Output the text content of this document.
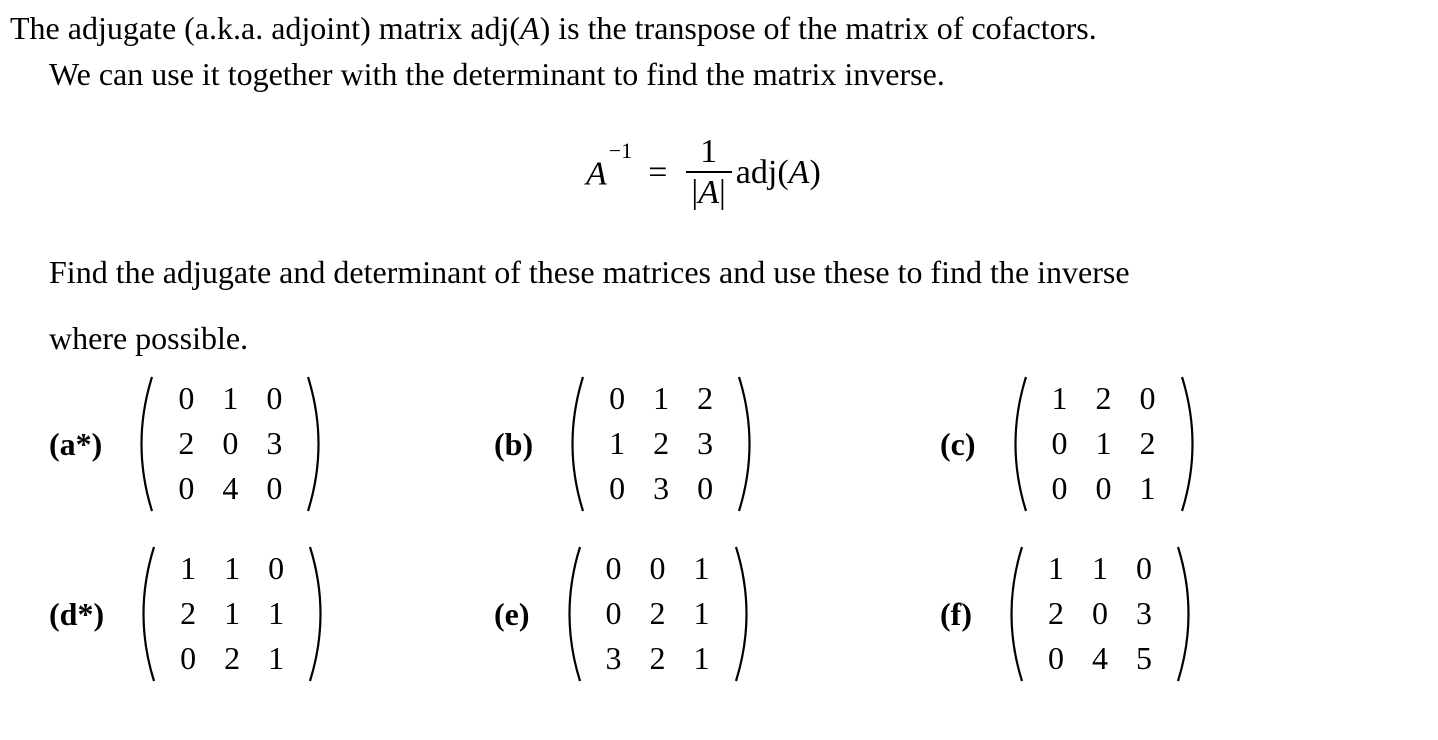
The adjugate (a.k.a. adjoint) matrix adj(A) is the transpose of the matrix of cofactors.

We can use it together with the determinant to find the matrix inverse.

$A^{-1}$
= $\frac{1}{|A|} adj(A)$

Find the adjugate and determinant of these matrices and use these to find the inverse

where possible.

(a*)
0 1 0
2 0 3
0 4 0
(b)
0 1 2
1 2 3
0 3 0
(c)
1 2 0
0 1 2
0 0 1
(d*)
1 1 0
2 1 1
0 2 1
(e)
0 0 1
0 2 1
3 2 1
(f)
1 1 0
2 0 3
0 4 5
